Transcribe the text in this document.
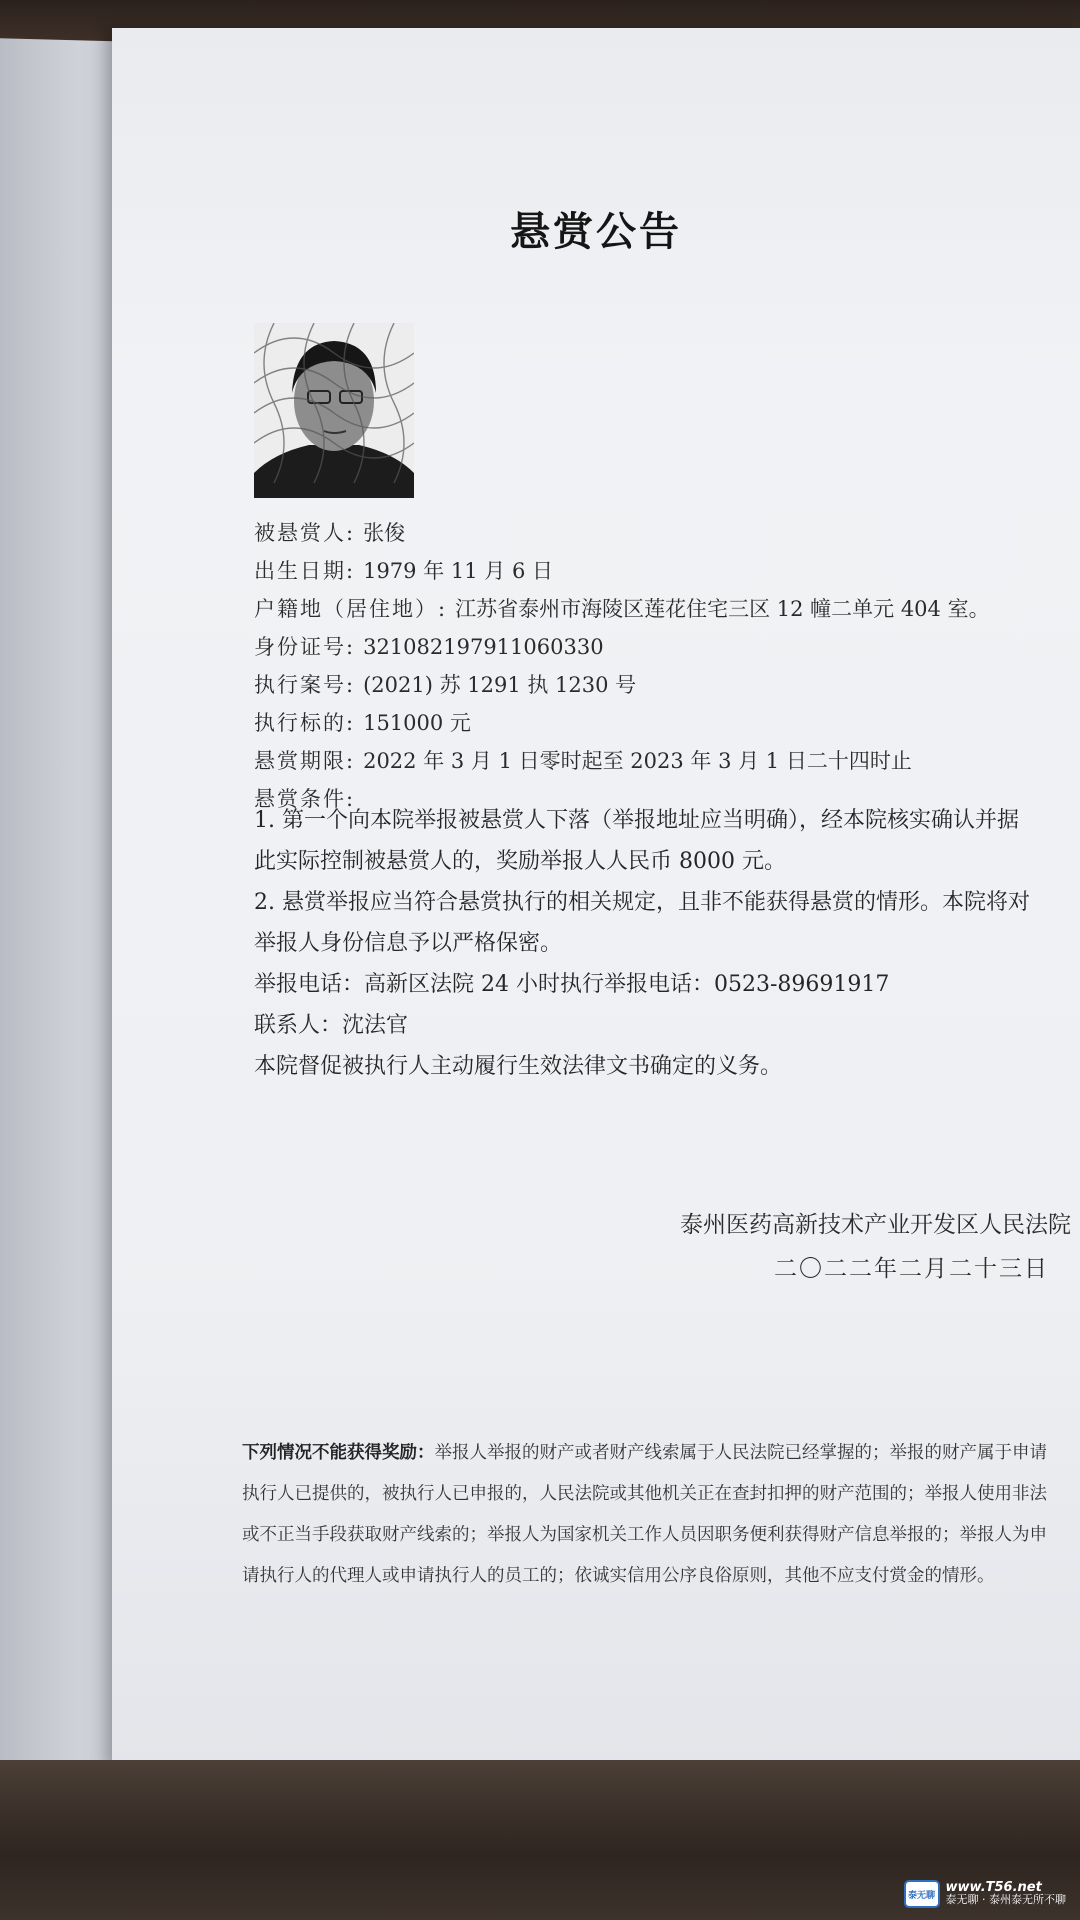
悬赏公告
被悬赏人: 张俊
出生日期: 1979 年 11 月 6 日
户籍地（居住地）: 江苏省泰州市海陵区莲花住宅三区 12 幢二单元 404 室。
身份证号: 321082197911060330
执行案号: (2021) 苏 1291 执 1230 号
执行标的: 151000 元
悬赏期限: 2022 年 3 月 1 日零时起至 2023 年 3 月 1 日二十四时止
悬赏条件:
1. 第一个向本院举报被悬赏人下落（举报地址应当明确），经本院核实确认并据
此实际控制被悬赏人的，奖励举报人人民币 8000 元。
2. 悬赏举报应当符合悬赏执行的相关规定，且非不能获得悬赏的情形。本院将对
举报人身份信息予以严格保密。
举报电话：高新区法院 24 小时执行举报电话：0523-89691917
联系人：沈法官
本院督促被执行人主动履行生效法律文书确定的义务。
泰州医药高新技术产业开发区人民法院
二〇二二年二月二十三日
下列情况不能获得奖励：举报人举报的财产或者财产线索属于人民法院已经掌握的；举报的财产属于申请
执行人已提供的，被执行人已申报的，人民法院或其他机关正在查封扣押的财产范围的；举报人使用非法
或不正当手段获取财产线索的；举报人为国家机关工作人员因职务便利获得财产信息举报的；举报人为申
请执行人的代理人或申请执行人的员工的；依诚实信用公序良俗原则，其他不应支付赏金的情形。
泰无聊
www.T56.net
泰无聊 · 泰州泰无所不聊
